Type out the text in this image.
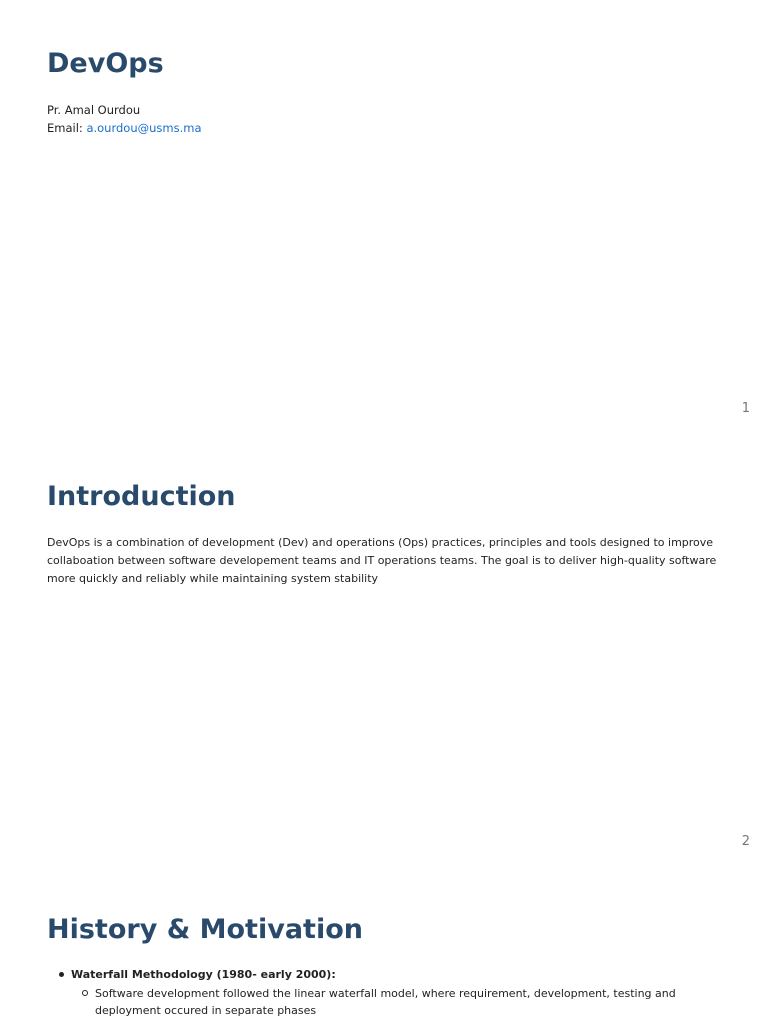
DevOps
Pr. Amal Ourdou
Email: a.ourdou@usms.ma
1
Introduction

DevOps is a combination of development (Dev) and operations (Ops) practices, principles and tools designed to improve collaboation between software developement teams and IT operations teams. The goal is to deliver high-quality software more quickly and reliably while maintaining system stability

2
History & Motivation
Waterfall Methodology (1980- early 2000):
Software development followed the linear waterfall model, where requirement, development, testing and deployment occured in separate phases
